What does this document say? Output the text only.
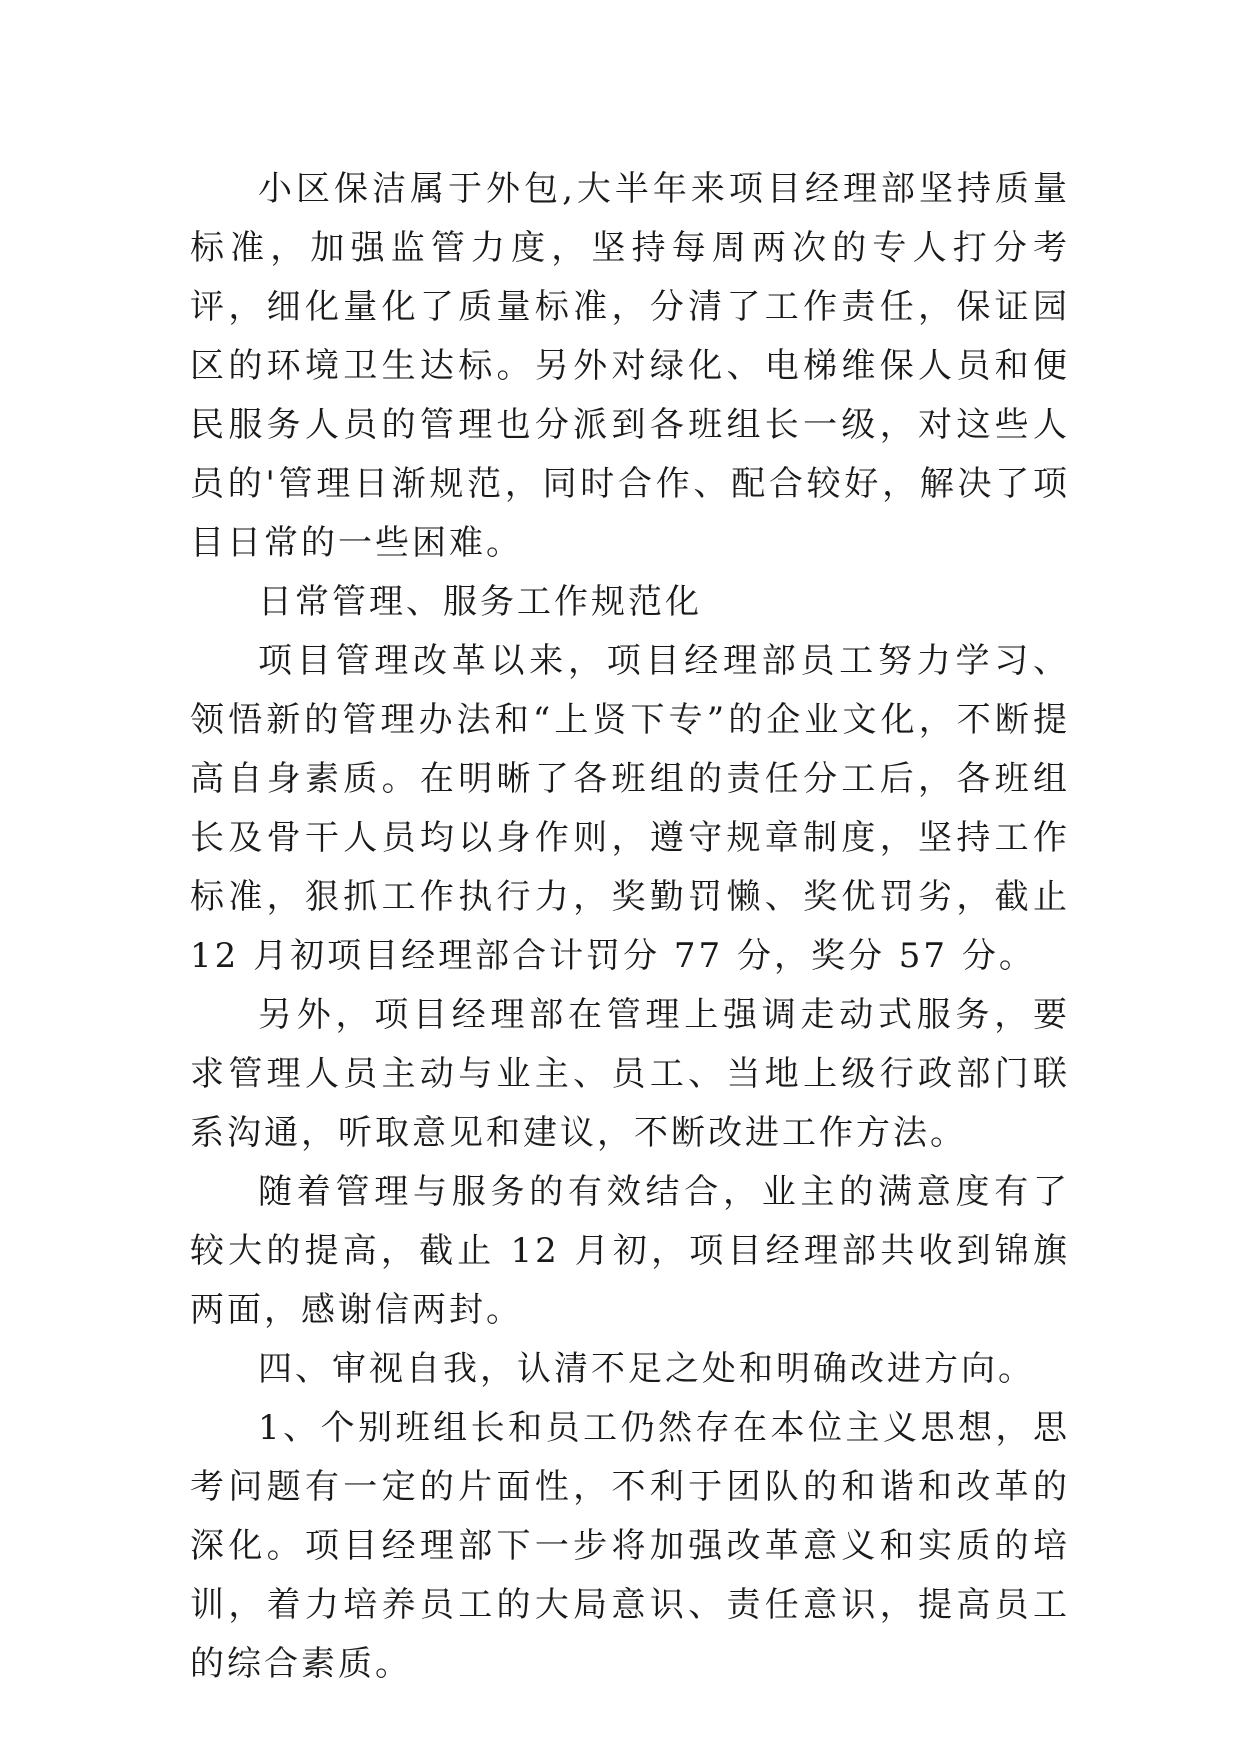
小区保洁属于外包,大半年来项目经理部坚持质量标准，加强监管力度，坚持每周两次的专人打分考评，细化量化了质量标准，分清了工作责任，保证园区的环境卫生达标。另外对绿化、电梯维保人员和便民服务人员的管理也分派到各班组长一级，对这些人员的'管理日渐规范，同时合作、配合较好，解决了项目日常的一些困难。

日常管理、服务工作规范化

项目管理改革以来，项目经理部员工努力学习、领悟新的管理办法和“上贤下专”的企业文化，不断提高自身素质。在明晰了各班组的责任分工后，各班组长及骨干人员均以身作则，遵守规章制度，坚持工作标准，狠抓工作执行力，奖勤罚懒、奖优罚劣，截止 12 月初项目经理部合计罚分 77 分，奖分 57 分。

另外，项目经理部在管理上强调走动式服务，要求管理人员主动与业主、员工、当地上级行政部门联系沟通，听取意见和建议，不断改进工作方法。

随着管理与服务的有效结合，业主的满意度有了较大的提高，截止 12 月初，项目经理部共收到锦旗两面，感谢信两封。

四、审视自我，认清不足之处和明确改进方向。

1、个别班组长和员工仍然存在本位主义思想，思考问题有一定的片面性，不利于团队的和谐和改革的深化。项目经理部下一步将加强改革意义和实质的培训，着力培养员工的大局意识、责任意识，提高员工的综合素质。
